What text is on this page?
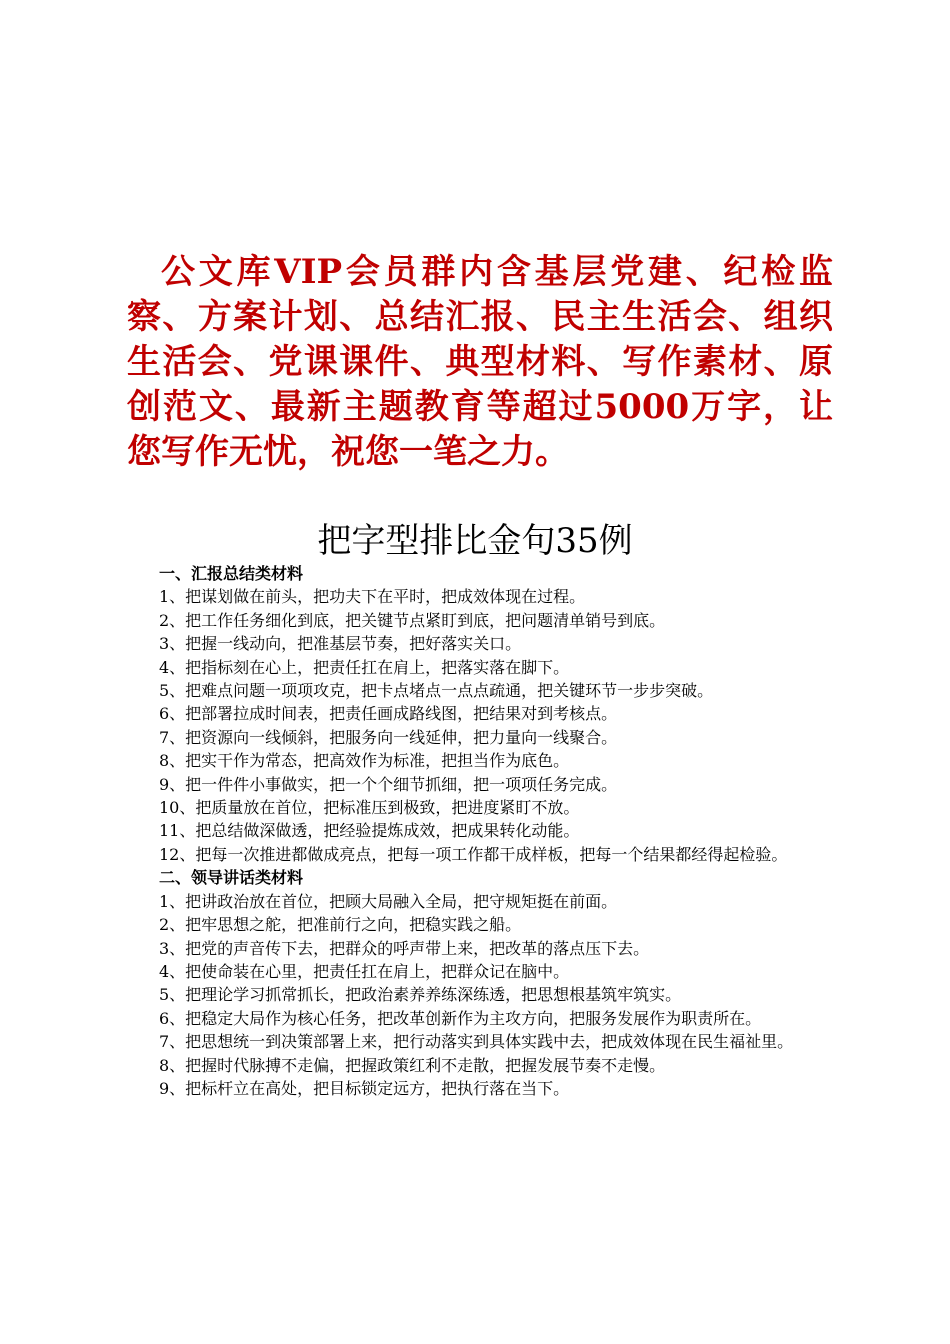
公文库VIP会员群内含基层党建、纪检监察、方案计划、总结汇报、民主生活会、组织生活会、党课课件、典型材料、写作素材、原创范文、最新主题教育等超过5000万字，让您写作无忧，祝您一笔之力。
把字型排比金句35例

一、汇报总结类材料

1、把谋划做在前头，把功夫下在平时，把成效体现在过程。

2、把工作任务细化到底，把关键节点紧盯到底，把问题清单销号到底。

3、把握一线动向，把准基层节奏，把好落实关口。

4、把指标刻在心上，把责任扛在肩上，把落实落在脚下。

5、把难点问题一项项攻克，把卡点堵点一点点疏通，把关键环节一步步突破。

6、把部署拉成时间表，把责任画成路线图，把结果对到考核点。

7、把资源向一线倾斜，把服务向一线延伸，把力量向一线聚合。

8、把实干作为常态，把高效作为标准，把担当作为底色。

9、把一件件小事做实，把一个个细节抓细，把一项项任务完成。

10、把质量放在首位，把标准压到极致，把进度紧盯不放。

11、把总结做深做透，把经验提炼成效，把成果转化动能。

12、把每一次推进都做成亮点，把每一项工作都干成样板，把每一个结果都经得起检验。

二、领导讲话类材料

1、把讲政治放在首位，把顾大局融入全局，把守规矩挺在前面。

2、把牢思想之舵，把准前行之向，把稳实践之船。

3、把党的声音传下去，把群众的呼声带上来，把改革的落点压下去。

4、把使命装在心里，把责任扛在肩上，把群众记在脑中。

5、把理论学习抓常抓长，把政治素养养练深练透，把思想根基筑牢筑实。

6、把稳定大局作为核心任务，把改革创新作为主攻方向，把服务发展作为职责所在。

7、把思想统一到决策部署上来，把行动落实到具体实践中去，把成效体现在民生福祉里。

8、把握时代脉搏不走偏，把握政策红利不走散，把握发展节奏不走慢。

9、把标杆立在高处，把目标锁定远方，把执行落在当下。
